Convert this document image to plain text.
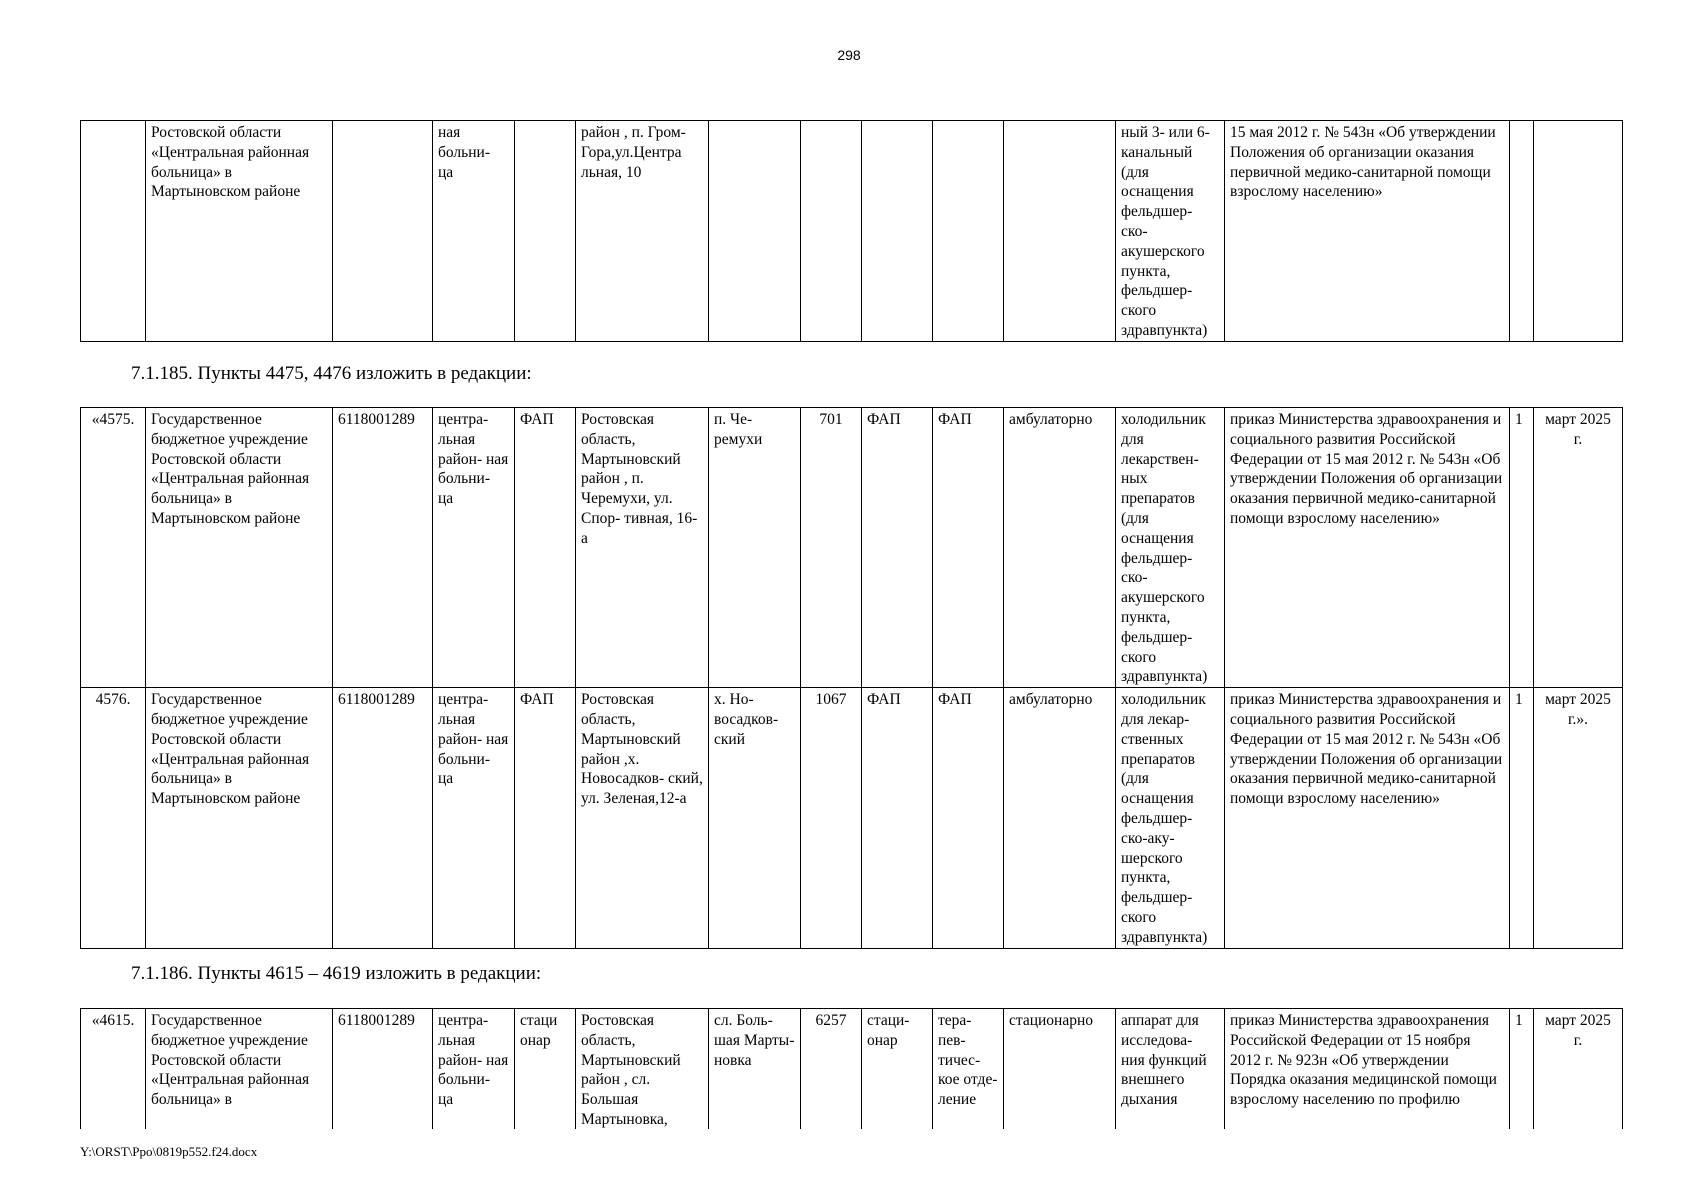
298
	Ростовской области «Центральная районная больница» в Мартыновском районе		ная больни- ца		район , п. Гром- Гора,ул.Центра льная, 10						ный 3- или 6-канальный (для оснащения фельдшер- ско- акушерского пункта, фельдшер- ского здравпункта)	15 мая 2012 г. № 543н «Об утверждении Положения об организации оказания первичной медико-санитарной помощи взрослому населению»		
7.1.185. Пункты 4475, 4476 изложить в редакции:
«4575.	Государственное бюджетное учреждение Ростовской области «Центральная районная больница» в Мартыновском районе	6118001289	центра- льная район- ная больни- ца	ФАП	Ростовская область, Мартыновский район , п. Черемухи, ул. Спор- тивная, 16-а	п. Че- ремухи	701	ФАП	ФАП	амбулаторно	холодильник для лекарствен- ных препаратов (для оснащения фельдшер- ско- акушерского пункта, фельдшер- ского здравпункта)	приказ Министерства здравоохранения и социального развития Российской Федерации от 15 мая 2012 г. № 543н «Об утверждении Положения об организации оказания первичной медико-санитарной помощи взрослому населению»	1	март 2025 г.
4576.	Государственное бюджетное учреждение Ростовской области «Центральная районная больница» в Мартыновском районе	6118001289	центра- льная район- ная больни- ца	ФАП	Ростовская область, Мартыновский район ,х. Новосадков- ский, ул. Зеленая,12-а	х. Но- восадков- ский	1067	ФАП	ФАП	амбулаторно	холодильник для лекар- ственных препаратов (для оснащения фельдшер- ско-аку- шерского пункта, фельдшер- ского здравпункта)	приказ Министерства здравоохранения и социального развития Российской Федерации от 15 мая 2012 г. № 543н «Об утверждении Положения об организации оказания первичной медико-санитарной помощи взрослому населению»	1	март 2025 г.».
7.1.186. Пункты 4615 – 4619 изложить в редакции:
«4615.	Государственное бюджетное учреждение Ростовской области «Центральная районная больница» в	6118001289	центра- льная район- ная больни- ца	стаци онар	Ростовская область, Мартыновский район , сл. Большая Мартыновка,	сл. Боль- шая Марты- новка	6257	стаци- онар	тера- пев- тичес- кое отде- ление	стационарно	аппарат для исследова- ния функций внешнего дыхания	приказ Министерства здравоохранения Российской Федерации от 15 ноября 2012 г. № 923н «Об утверждении Порядка оказания медицинской помощи взрослому населению по профилю	1	март 2025 г.
Y:\ORST\Ppo\0819p552.f24.docx
